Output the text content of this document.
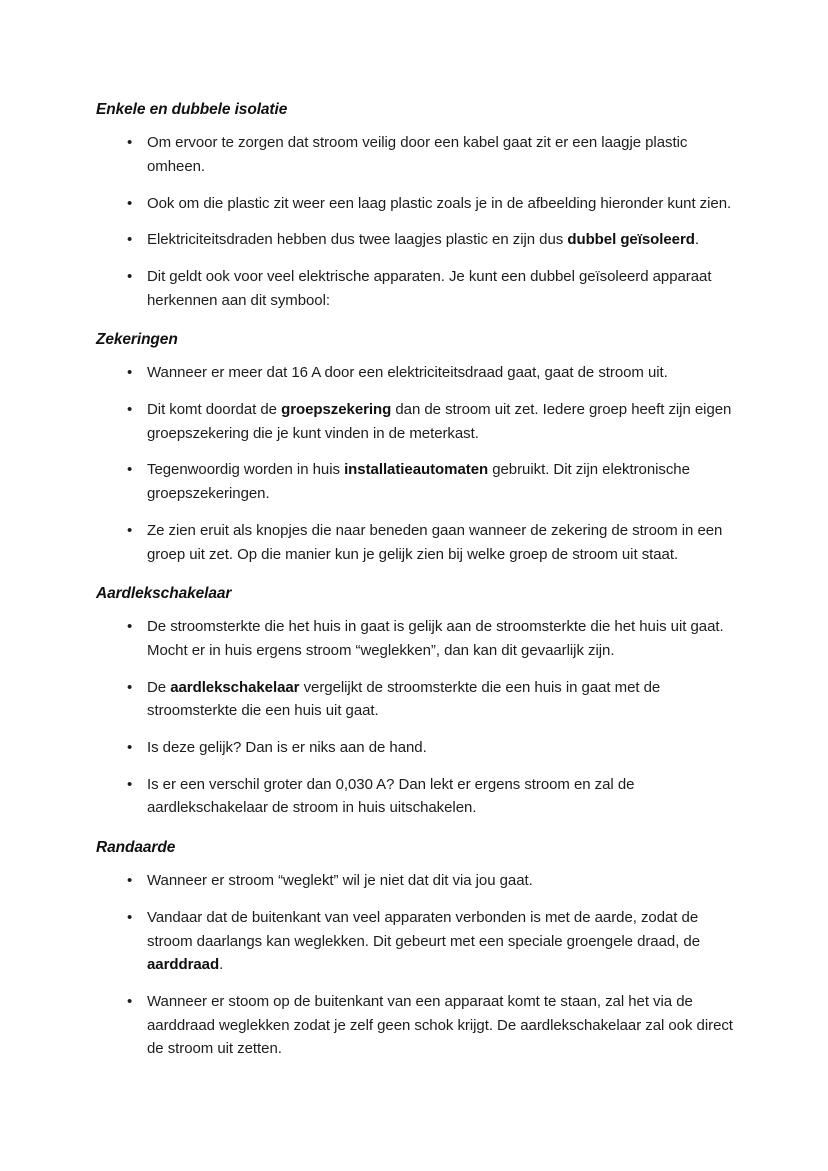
Enkele en dubbele isolatie
• Om ervoor te zorgen dat stroom veilig door een kabel gaat zit er een laagje plastic omheen.
• Ook om die plastic zit weer een laag plastic zoals je in de afbeelding hieronder kunt zien.
• Elektriciteitsdraden hebben dus twee laagjes plastic en zijn dus dubbel geïsoleerd.
• Dit geldt ook voor veel elektrische apparaten. Je kunt een dubbel geïsoleerd apparaat herkennen aan dit symbool:
Zekeringen
• Wanneer er meer dat 16 A door een elektriciteitsdraad gaat, gaat de stroom uit.
• Dit komt doordat de groepszekering dan de stroom uit zet. Iedere groep heeft zijn eigen groepszekering die je kunt vinden in de meterkast.
• Tegenwoordig worden in huis installatieautomaten gebruikt. Dit zijn elektronische groepszekeringen.
• Ze zien eruit als knopjes die naar beneden gaan wanneer de zekering de stroom in een groep uit zet. Op die manier kun je gelijk zien bij welke groep de stroom uit staat.
Aardlekschakelaar
• De stroomsterkte die het huis in gaat is gelijk aan de stroomsterkte die het huis uit gaat. Mocht er in huis ergens stroom “weglekken”, dan kan dit gevaarlijk zijn.
• De aardlekschakelaar vergelijkt de stroomsterkte die een huis in gaat met de stroomsterkte die een huis uit gaat.
• Is deze gelijk? Dan is er niks aan de hand.
• Is er een verschil groter dan 0,030 A? Dan lekt er ergens stroom en zal de aardlekschakelaar de stroom in huis uitschakelen.
Randaarde
• Wanneer er stroom “weglekt” wil je niet dat dit via jou gaat.
• Vandaar dat de buitenkant van veel apparaten verbonden is met de aarde, zodat de stroom daarlangs kan weglekken. Dit gebeurt met een speciale groengele draad, de aarddraad.
• Wanneer er stoom op de buitenkant van een apparaat komt te staan, zal het via de aarddraad weglekken zodat je zelf geen schok krijgt. De aardlekschakelaar zal ook direct de stroom uit zetten.
